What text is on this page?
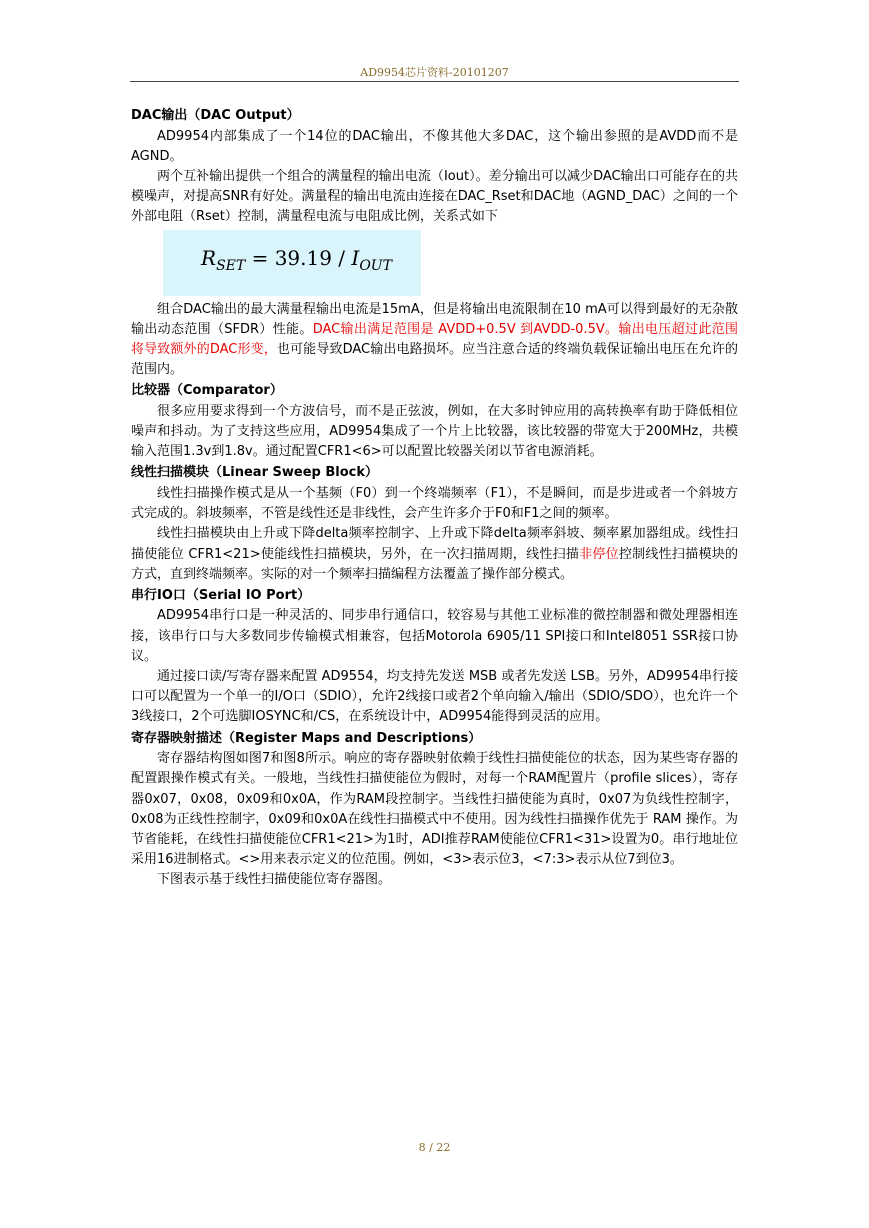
AD9954芯片资料-20101207
DAC输出（DAC Output）

AD9954内部集成了一个14位的DAC输出，不像其他大多DAC，这个输出参照的是AVDD而不是AGND。

两个互补输出提供一个组合的满量程的输出电流（Iout）。差分输出可以减少DAC输出口可能存在的共模噪声，对提高SNR有好处。满量程的输出电流由连接在DAC_Rset和DAC地（AGND_DAC）之间的一个外部电阻（Rset）控制，满量程电流与电阻成比例，关系式如下

$R_{SET} = 39.19 / I_{OUT}$

组合DAC输出的最大满量程输出电流是15mA，但是将输出电流限制在10 mA可以得到最好的无杂散输出动态范围（SFDR）性能。DAC输出满足范围是 AVDD+0.5V 到AVDD-0.5V。输出电压超过此范围将导致额外的DAC形变，也可能导致DAC输出电路损坏。应当注意合适的终端负载保证输出电压在允许的范围内。

比较器（Comparator）

很多应用要求得到一个方波信号，而不是正弦波，例如，在大多时钟应用的高转换率有助于降低相位噪声和抖动。为了支持这些应用，AD9954集成了一个片上比较器，该比较器的带宽大于200MHz，共模输入范围1.3v到1.8v。通过配置CFR1<6>可以配置比较器关闭以节省电源消耗。

线性扫描模块（Linear Sweep Block）

线性扫描操作模式是从一个基频（F0）到一个终端频率（F1），不是瞬间，而是步进或者一个斜坡方式完成的。斜坡频率，不管是线性还是非线性，会产生许多介于F0和F1之间的频率。

线性扫描模块由上升或下降delta频率控制字、上升或下降delta频率斜坡、频率累加器组成。线性扫描使能位 CFR1<21>使能线性扫描模块，另外，在一次扫描周期，线性扫描非停位控制线性扫描模块的方式，直到终端频率。实际的对一个频率扫描编程方法覆盖了操作部分模式。

串行IO口（Serial IO Port）

AD9954串行口是一种灵活的、同步串行通信口，较容易与其他工业标准的微控制器和微处理器相连接，该串行口与大多数同步传输模式相兼容，包括Motorola 6905/11 SPI接口和Intel8051 SSR接口协议。

通过接口读/写寄存器来配置 AD9554，均支持先发送 MSB 或者先发送 LSB。另外，AD9954串行接口可以配置为一个单一的I/O口（SDIO），允许2线接口或者2个单向输入/输出（SDIO/SDO），也允许一个3线接口，2个可选脚IOSYNC和/CS，在系统设计中，AD9954能得到灵活的应用。

寄存器映射描述（Register Maps and Descriptions）

寄存器结构图如图7和图8所示。响应的寄存器映射依赖于线性扫描使能位的状态，因为某些寄存器的配置跟操作模式有关。一般地，当线性扫描使能位为假时，对每一个RAM配置片（profile slices），寄存器0x07，0x08，0x09和0x0A，作为RAM段控制字。当线性扫描使能为真时，0x07为负线性控制字，0x08为正线性控制字，0x09和0x0A在线性扫描模式中不使用。因为线性扫描操作优先于 RAM 操作。为节省能耗，在线性扫描使能位CFR1<21>为1时，ADI推荐RAM使能位CFR1<31>设置为0。串行地址位采用16进制格式。<>用来表示定义的位范围。例如，<3>表示位3，<7:3>表示从位7到位3。

下图表示基于线性扫描使能位寄存器图。

8 / 22
